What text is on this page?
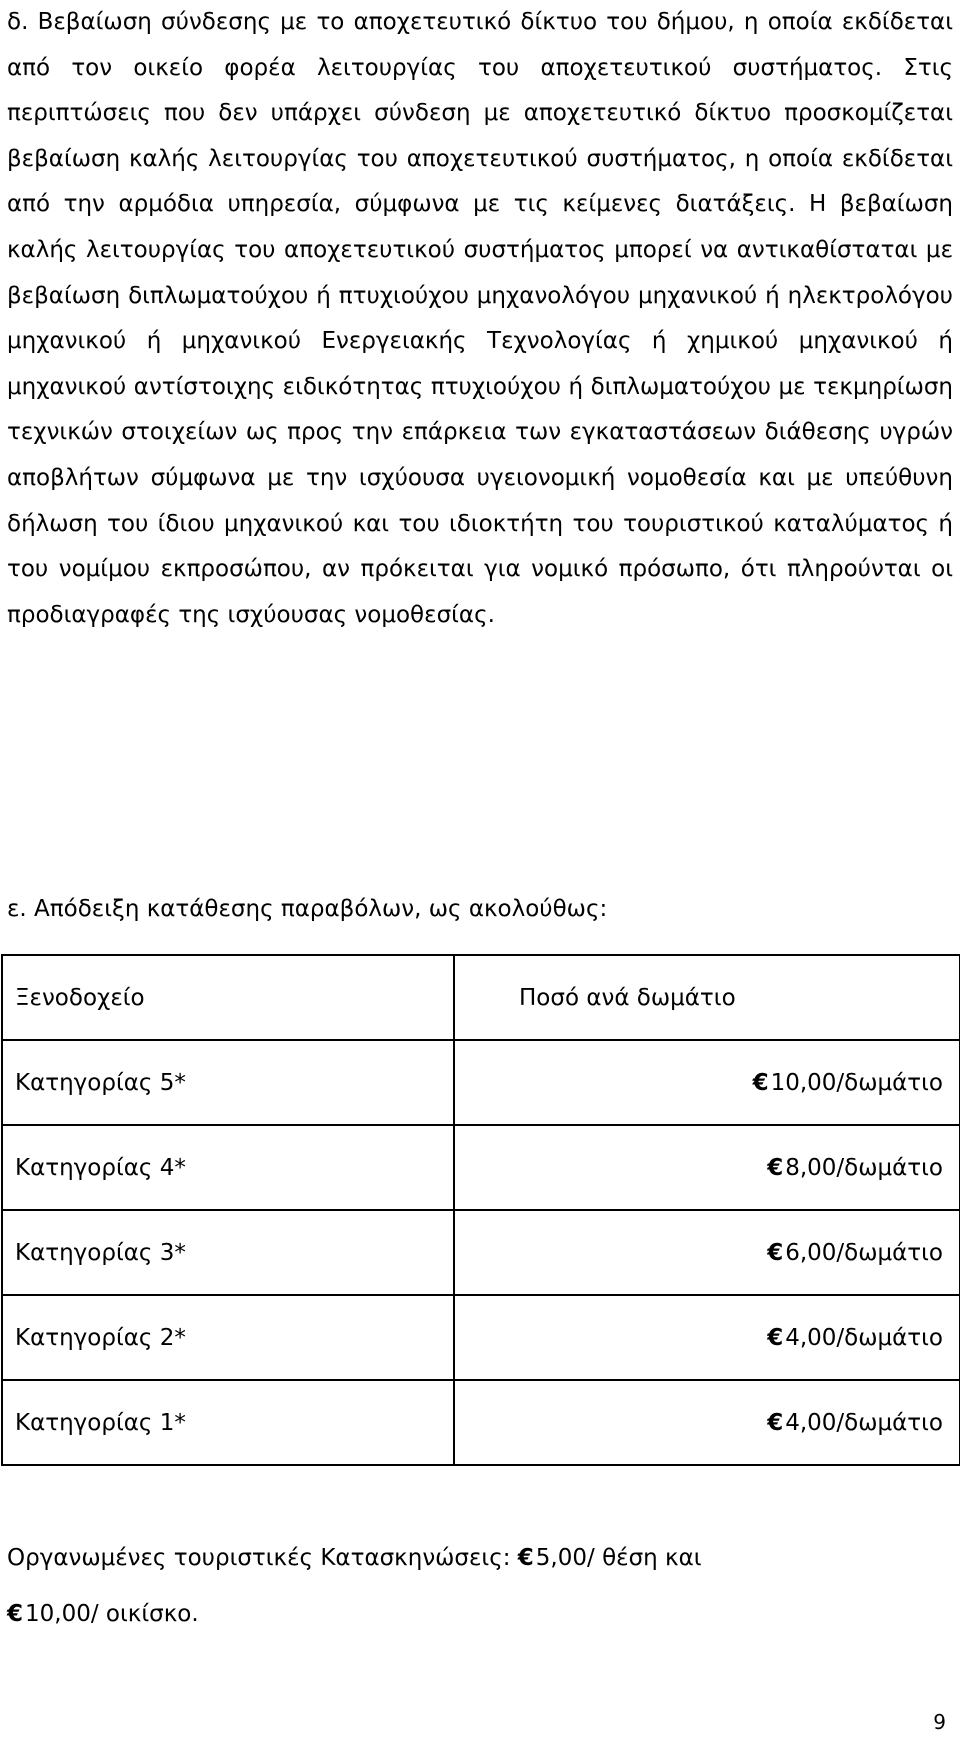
δ. Βεβαίωση σύνδεσης με το αποχετευτικό δίκτυο του δήμου, η οποία εκδίδεται από τον οικείο φορέα λειτουργίας του αποχετευτικού συστήματος. Στις περιπτώσεις που δεν υπάρχει σύνδεση με αποχετευτικό δίκτυο προσκομίζεται βεβαίωση καλής λειτουργίας του αποχετευτικού συστήματος, η οποία εκδίδεται από την αρμόδια υπηρεσία, σύμφωνα με τις κείμενες διατάξεις. Η βεβαίωση καλής λειτουργίας του αποχετευτικού συστήματος μπορεί να αντικαθίσταται με βεβαίωση διπλωματούχου ή πτυχιούχου μηχανολόγου μηχανικού ή ηλεκτρολόγου μηχανικού ή μηχανικού Ενεργειακής Τεχνολογίας ή χημικού μηχανικού ή μηχανικού αντίστοιχης ειδικότητας πτυχιούχου ή διπλωματούχου με τεκμηρίωση τεχνικών στοιχείων ως προς την επάρκεια των εγκαταστάσεων διάθεσης υγρών αποβλήτων σύμφωνα με την ισχύουσα υγειονομική νομοθεσία και με υπεύθυνη δήλωση του ίδιου μηχανικού και του ιδιοκτήτη του τουριστικού καταλύματος ή του νομίμου εκπροσώπου, αν πρόκειται για νομικό πρόσωπο, ότι πληρούνται οι προδιαγραφές της ισχύουσας νομοθεσίας.

ε. Απόδειξη κατάθεσης παραβόλων, ως ακολούθως:

Ξενοδοχείο	Ποσό ανά δωμάτιο
Κατηγορίας 5*	€10,00/δωμάτιο
Κατηγορίας 4*	€8,00/δωμάτιο
Κατηγορίας 3*	€6,00/δωμάτιο
Κατηγορίας 2*	€4,00/δωμάτιο
Κατηγορίας 1*	€4,00/δωμάτιο

Οργανωμένες τουριστικές Κατασκηνώσεις: €5,00/ θέση και
€10,00/ οικίσκο.

9
